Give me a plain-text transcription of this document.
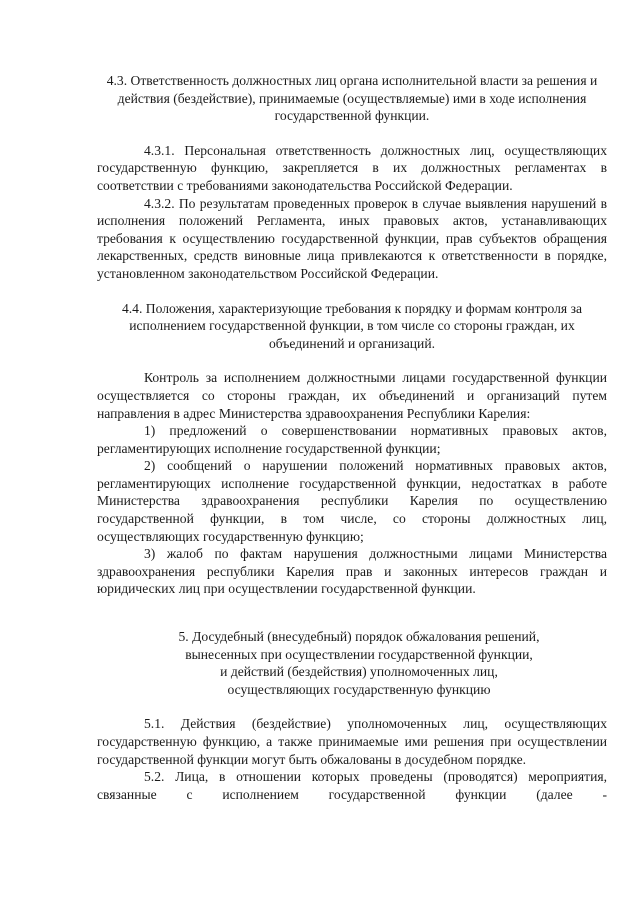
4.3. Ответственность должностных лиц органа исполнительной власти за решения и действия (бездействие), принимаемые (осуществляемые) ими в ходе исполнения государственной функции.

4.3.1. Персональная ответственность должностных лиц, осуществляющих государственную функцию, закрепляется в их должностных регламентах в соответствии с требованиями законодательства Российской Федерации.

4.3.2. По результатам проведенных проверок в случае выявления нарушений в исполнения положений Регламента, иных правовых актов, устанавливающих требования к осуществлению государственной функции, прав субъектов обращения лекарственных, средств виновные лица привлекаются к ответственности в порядке, установленном законодательством Российской Федерации.

4.4. Положения, характеризующие требования к порядку и формам контроля за исполнением государственной функции, в том числе со стороны граждан, их объединений и организаций.

Контроль за исполнением должностными лицами государственной функции осуществляется со стороны граждан, их объединений и организаций путем направления в адрес Министерства здравоохранения Республики Карелия:

1) предложений о совершенствовании нормативных правовых актов, регламентирующих исполнение государственной функции;

2) сообщений о нарушении положений нормативных правовых актов, регламентирующих исполнение государственной функции, недостатках в работе Министерства здравоохранения республики Карелия по осуществлению государственной функции, в том числе, со стороны должностных лиц, осуществляющих государственную функцию;

3) жалоб по фактам нарушения должностными лицами Министерства здравоохранения республики Карелия прав и законных интересов граждан и юридических лиц при осуществлении государственной функции.

5. Досудебный (внесудебный) порядок обжалования решений,

вынесенных при осуществлении государственной функции,

и действий (бездействия) уполномоченных лиц,

осуществляющих государственную функцию

5.1. Действия (бездействие) уполномоченных лиц, осуществляющих государственную функцию, а также принимаемые ими решения при осуществлении государственной функции могут быть обжалованы в досудебном порядке.

5.2. Лица, в отношении которых проведены (проводятся) мероприятия, связанные с исполнением государственной функции (далее -
